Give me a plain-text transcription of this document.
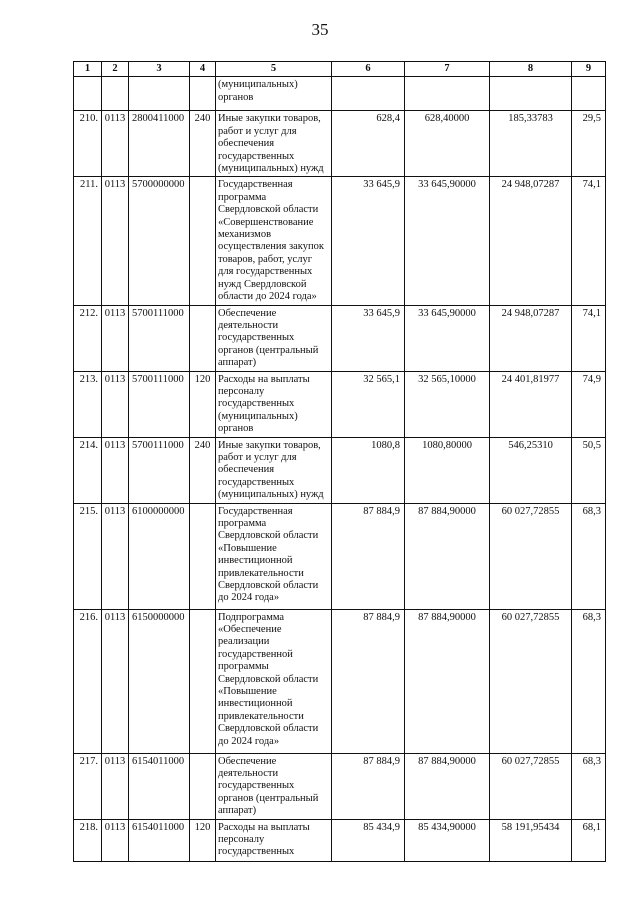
35
1	2	3	4	5	6	7	8	9
				(муниципальных) органов				
210.	0113	2800411000	240	Иные закупки товаров, работ и услуг для обеспечения государственных (муниципальных) нужд	628,4	628,40000	185,33783	29,5
211.	0113	5700000000		Государственная программа Свердловской области «Совершенствование механизмов осуществления закупок товаров, работ, услуг для государственных нужд Свердловской области до 2024 года»	33 645,9	33 645,90000	24 948,07287	74,1
212.	0113	5700111000		Обеспечение деятельности государственных органов (центральный аппарат)	33 645,9	33 645,90000	24 948,07287	74,1
213.	0113	5700111000	120	Расходы на выплаты персоналу государственных (муниципальных) органов	32 565,1	32 565,10000	24 401,81977	74,9
214.	0113	5700111000	240	Иные закупки товаров, работ и услуг для обеспечения государственных (муниципальных) нужд	1080,8	1080,80000	546,25310	50,5
215.	0113	6100000000		Государственная программа Свердловской области «Повышение инвестиционной привлекательности Свердловской области до 2024 года»	87 884,9	87 884,90000	60 027,72855	68,3
216.	0113	6150000000		Подпрограмма «Обеспечение реализации государственной программы Свердловской области «Повышение инвестиционной привлекательности Свердловской области до 2024 года»	87 884,9	87 884,90000	60 027,72855	68,3
217.	0113	6154011000		Обеспечение деятельности государственных органов (центральный аппарат)	87 884,9	87 884,90000	60 027,72855	68,3
218.	0113	6154011000	120	Расходы на выплаты персоналу государственных	85 434,9	85 434,90000	58 191,95434	68,1
